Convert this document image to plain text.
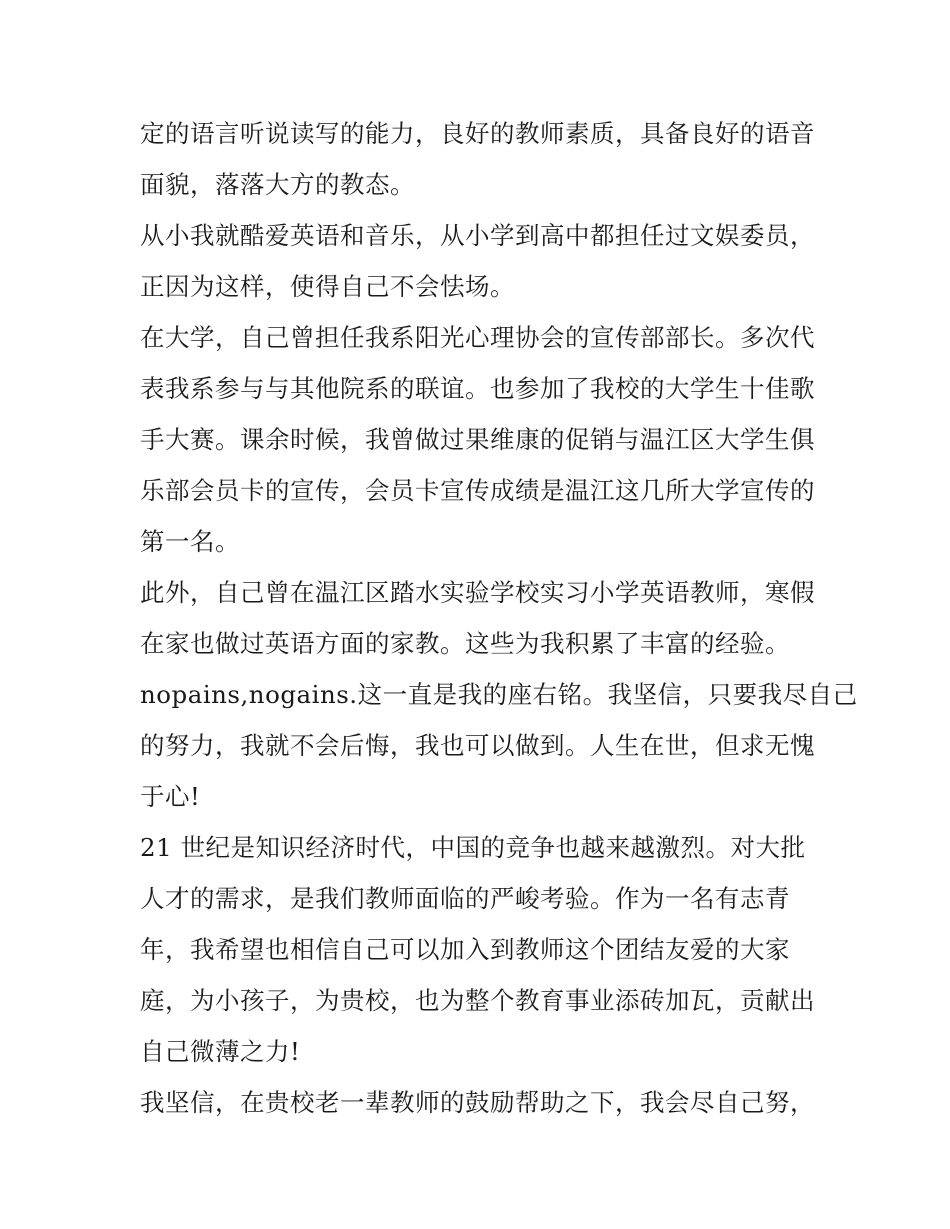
定的语言听说读写的能力，良好的教师素质，具备良好的语音
面貌，落落大方的教态。
从小我就酷爱英语和音乐，从小学到高中都担任过文娱委员，
正因为这样，使得自己不会怯场。
在大学，自己曾担任我系阳光心理协会的宣传部部长。多次代
表我系参与与其他院系的联谊。也参加了我校的大学生十佳歌
手大赛。课余时候，我曾做过果维康的促销与温江区大学生俱
乐部会员卡的宣传，会员卡宣传成绩是温江这几所大学宣传的
第一名。
此外，自己曾在温江区踏水实验学校实习小学英语教师，寒假
在家也做过英语方面的家教。这些为我积累了丰富的经验。
nopains,nogains.这一直是我的座右铭。我坚信，只要我尽自己
的努力，我就不会后悔，我也可以做到。人生在世，但求无愧
于心!
21 世纪是知识经济时代，中国的竞争也越来越激烈。对大批
人才的需求，是我们教师面临的严峻考验。作为一名有志青
年，我希望也相信自己可以加入到教师这个团结友爱的大家
庭，为小孩子，为贵校，也为整个教育事业添砖加瓦，贡献出
自己微薄之力!
我坚信，在贵校老一辈教师的鼓励帮助之下，我会尽自己努，
